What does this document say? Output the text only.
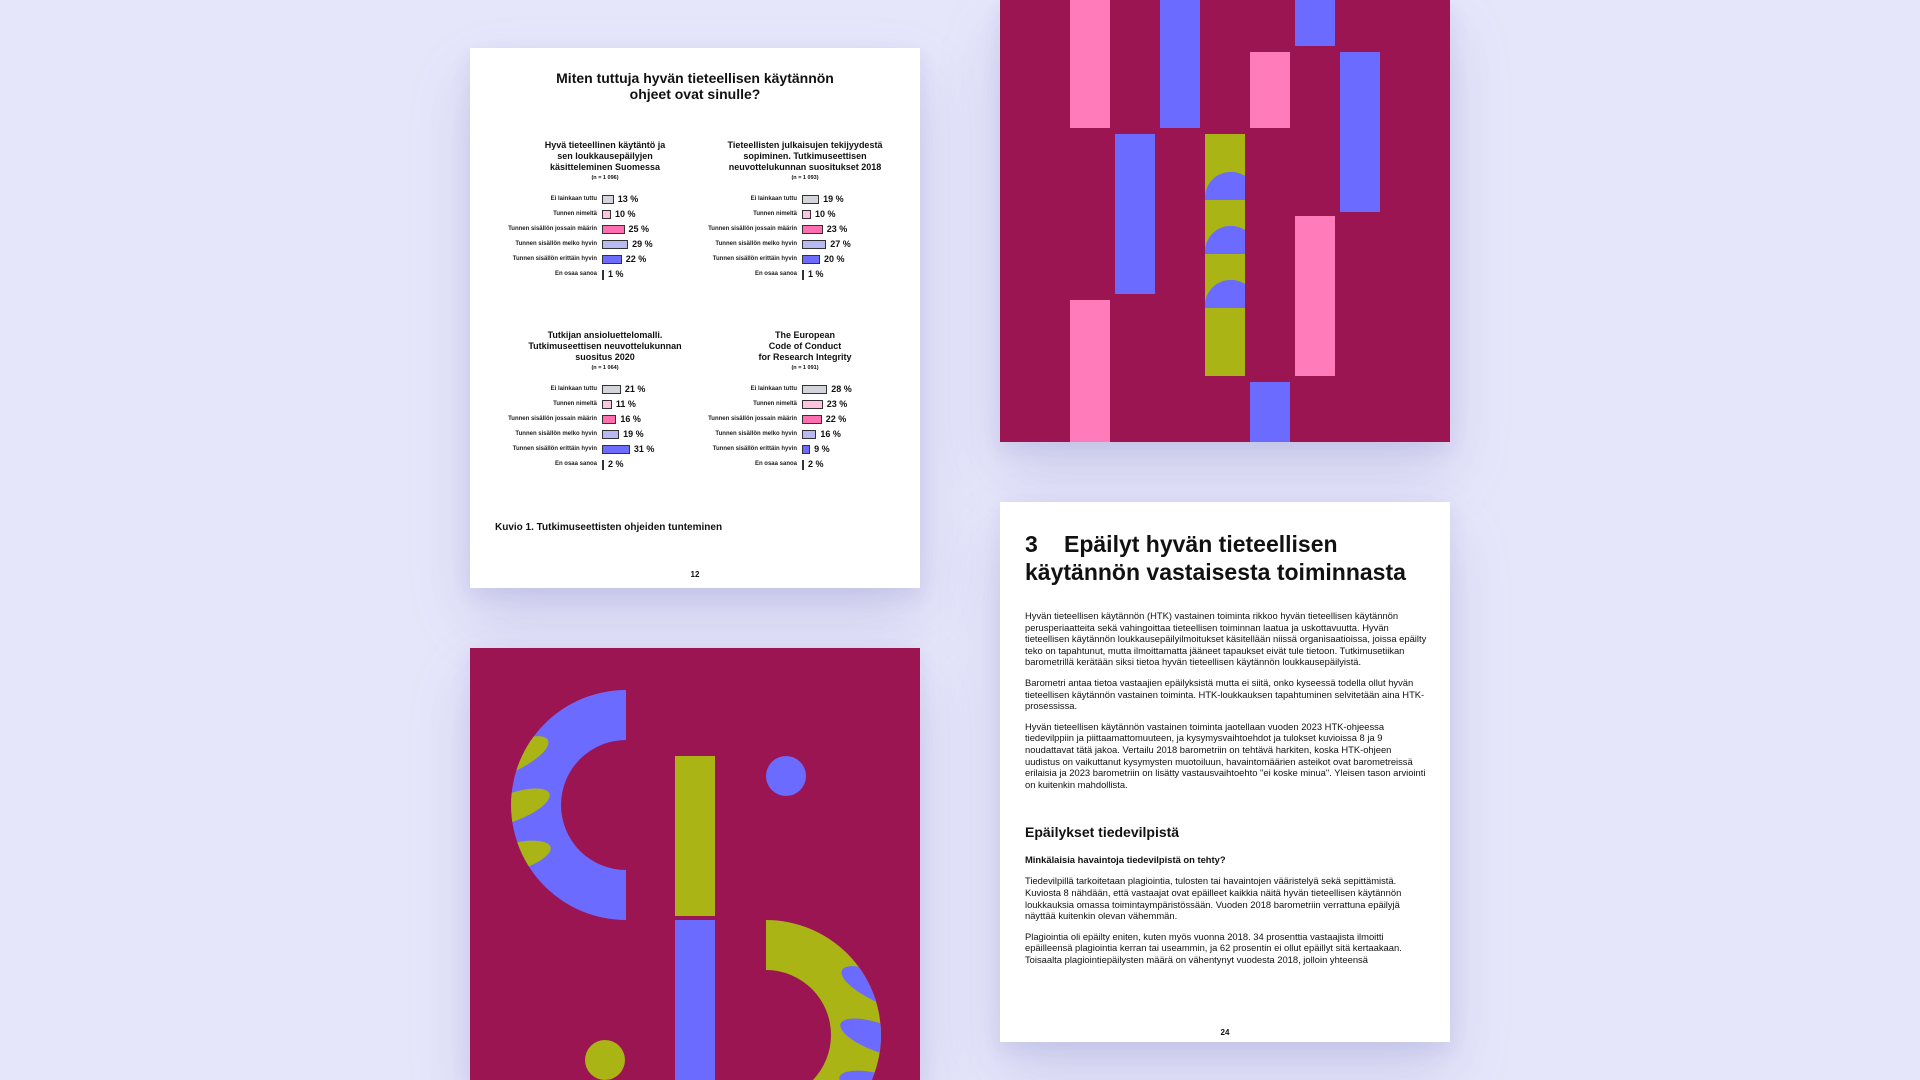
Miten tuttuja hyvän tieteellisen käytännön
ohjeet ovat sinulle?
Hyvä tieteellinen käytäntö ja
sen loukkausepäilyjen
käsitteleminen Suomessa
(n = 1 096)
Ei lainkaan tuttu 13 %
Tunnen nimeltä 10 %
Tunnen sisällön jossain määrin	25 %
Tunnen sisällön melko hyvin	29 %
Tunnen sisällön erittäin hyvin	22 %
En osaa sanoa 1 %
Tieteellisten julkaisujen tekijyydestä
sopiminen. Tutkimuseettisen
neuvottelukunnan suositukset 2018
(n = 1 093)
Ei lainkaan tuttu	19 %
Tunnen nimeltä 10 %
Tunnen sisällön jossain määrin	23 %
Tunnen sisällön melko hyvin	27 %
Tunnen sisällön erittäin hyvin	20 %
En osaa sanoa 1 %
Tutkijan ansioluettelomalli.
Tutkimuseettisen neuvottelukunnan
suositus 2020
(n = 1 064)
Ei lainkaan tuttu	21 %
Tunnen nimeltä 11 %
Tunnen sisällön jossain määrin	16 %
Tunnen sisällön melko hyvin	19 %
Tunnen sisällön erittäin hyvin	31 %
En osaa sanoa 2 %
The European
Code of Conduct
for Research Integrity
(n = 1 091)
Ei lainkaan tuttu	28 %
Tunnen nimeltä	23 %
Tunnen sisällön jossain määrin	22 %
Tunnen sisällön melko hyvin	16 %
Tunnen sisällön erittäin hyvin 9 %
En osaa sanoa 2 %
Kuvio 1. Tutkimuseettisten ohjeiden tunteminen
12
3 Epäilyt hyvän tieteellisen
käytännön vastaisesta toiminnasta

Hyvän tieteellisen käytännön (HTK) vastainen toiminta rikkoo hyvän tieteellisen käytännön perusperiaatteita sekä vahingoittaa tieteellisen toiminnan laatua ja uskottavuutta. Hyvän tieteellisen käytännön loukkausepäilyilmoitukset käsitellään niissä organisaatioissa, joissa epäilty teko on tapahtunut, mutta ilmoittamatta jääneet tapaukset eivät tule tietoon. Tutkimusetiikan barometrillä kerätään siksi tietoa hyvän tieteellisen käytännön loukkausepäilyistä.

Barometri antaa tietoa vastaajien epäilyksistä mutta ei siitä, onko kyseessä todella ollut hyvän tieteellisen käytännön vastainen toiminta. HTK-loukkauksen tapahtuminen selvitetään aina HTK-prosessissa.

Hyvän tieteellisen käytännön vastainen toiminta jaotellaan vuoden 2023 HTK-ohjeessa tiedevilppiin ja piittaamattomuuteen, ja kysymysvaihtoehdot ja tulokset kuvioissa 8 ja 9 noudattavat tätä jakoa. Vertailu 2018 barometriin on tehtävä harkiten, koska HTK-ohjeen uudistus on vaikuttanut kysymysten muotoiluun, havaintomäärien asteikot ovat barometreissä erilaisia ja 2023 barometriin on lisätty vastausvaihtoehto "ei koske minua". Yleisen tason arviointi on kuitenkin mahdollista.

Epäilykset tiedevilpistä
Minkälaisia havaintoja tiedevilpistä on tehty?

Tiedevilpillä tarkoitetaan plagiointia, tulosten tai havaintojen vääristelyä sekä sepittämistä. Kuviosta 8 nähdään, että vastaajat ovat epäilleet kaikkia näitä hyvän tieteellisen käytännön loukkauksia omassa toimintaympäristössään. Vuoden 2018 barometriin verrattuna epäilyjä näyttää kuitenkin olevan vähemmän.

Plagiointia oli epäilty eniten, kuten myös vuonna 2018. 34 prosenttia vastaajista ilmoitti epäilleensä plagiointia kerran tai useammin, ja 62 prosentin ei ollut epäillyt sitä kertaakaan. Toisaalta plagiointiepäilysten määrä on vähentynyt vuodesta 2018, jolloin yhteensä

24
